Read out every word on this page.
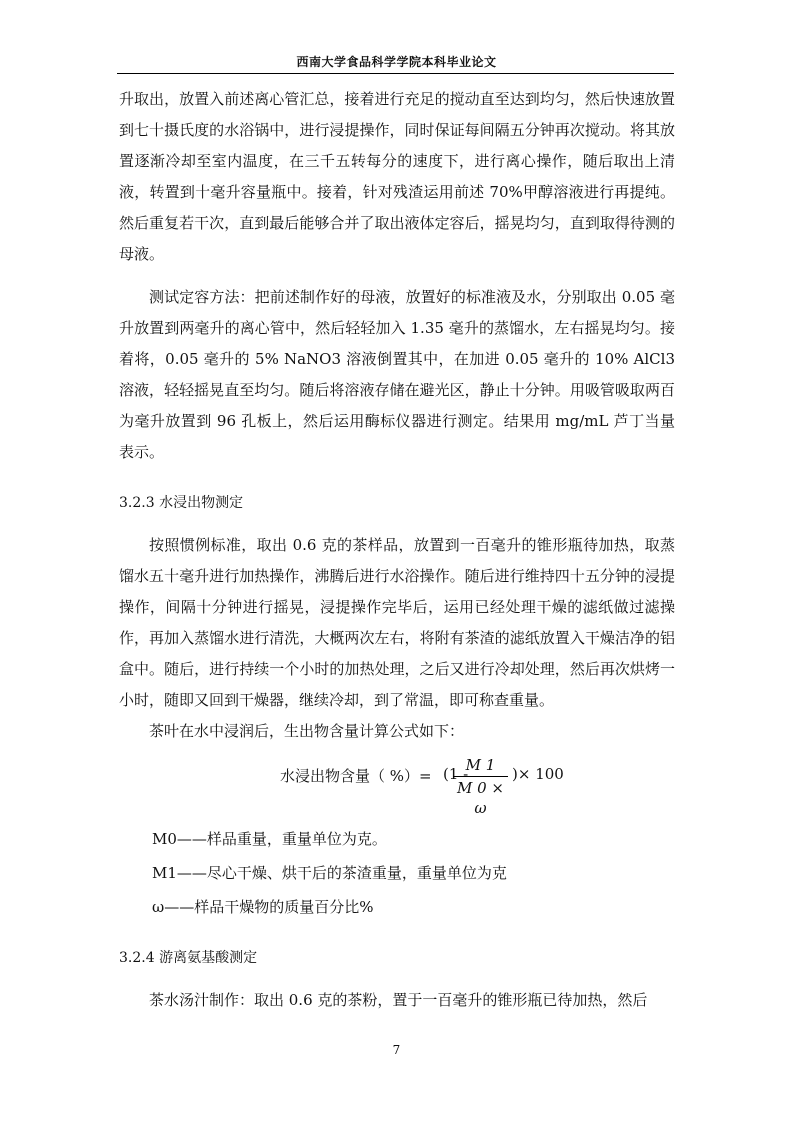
西南大学食品科学学院本科毕业论文

升取出，放置入前述离心管汇总，接着进行充足的搅动直至达到均匀，然后快速放置到七十摄氏度的水浴锅中，进行浸提操作，同时保证每间隔五分钟再次搅动。将其放置逐渐冷却至室内温度，在三千五转每分的速度下，进行离心操作，随后取出上清液，转置到十毫升容量瓶中。接着，针对残渣运用前述 70%甲醇溶液进行再提纯。然后重复若干次，直到最后能够合并了取出液体定容后，摇晃均匀，直到取得待测的母液。

测试定容方法：把前述制作好的母液，放置好的标准液及水，分别取出 0.05 毫升放置到两毫升的离心管中，然后轻轻加入 1.35 毫升的蒸馏水，左右摇晃均匀。接着将，0.05 毫升的 5% NaNO3 溶液倒置其中，在加进 0.05 毫升的 10% AlCl3 溶液，轻轻摇晃直至均匀。随后将溶液存储在避光区，静止十分钟。用吸管吸取两百为毫升放置到 96 孔板上，然后运用酶标仪器进行测定。结果用 mg/mL 芦丁当量表示。

3.2.3 水浸出物测定

按照惯例标准，取出 0.6 克的茶样品，放置到一百毫升的锥形瓶待加热，取蒸馏水五十毫升进行加热操作，沸腾后进行水浴操作。随后进行维持四十五分钟的浸提操作，间隔十分钟进行摇晃，浸提操作完毕后，运用已经处理干燥的滤纸做过滤操作，再加入蒸馏水进行清洗，大概两次左右，将附有茶渣的滤纸放置入干燥洁净的铝盒中。随后，进行持续一个小时的加热处理，之后又进行冷却处理，然后再次烘烤一小时，随即又回到干燥器，继续冷却，到了常温，即可称查重量。

茶叶在水中浸润后，生出物含量计算公式如下：

水浸出物含量（ %）= (1 -
M 1
M 0 × ω
)× 100

M0——样品重量，重量单位为克。

M1——尽心干燥、烘干后的茶渣重量，重量单位为克

ω——样品干燥物的质量百分比%

3.2.4 游离氨基酸测定

茶水汤汁制作：取出 0.6 克的茶粉，置于一百毫升的锥形瓶已待加热，然后

7
